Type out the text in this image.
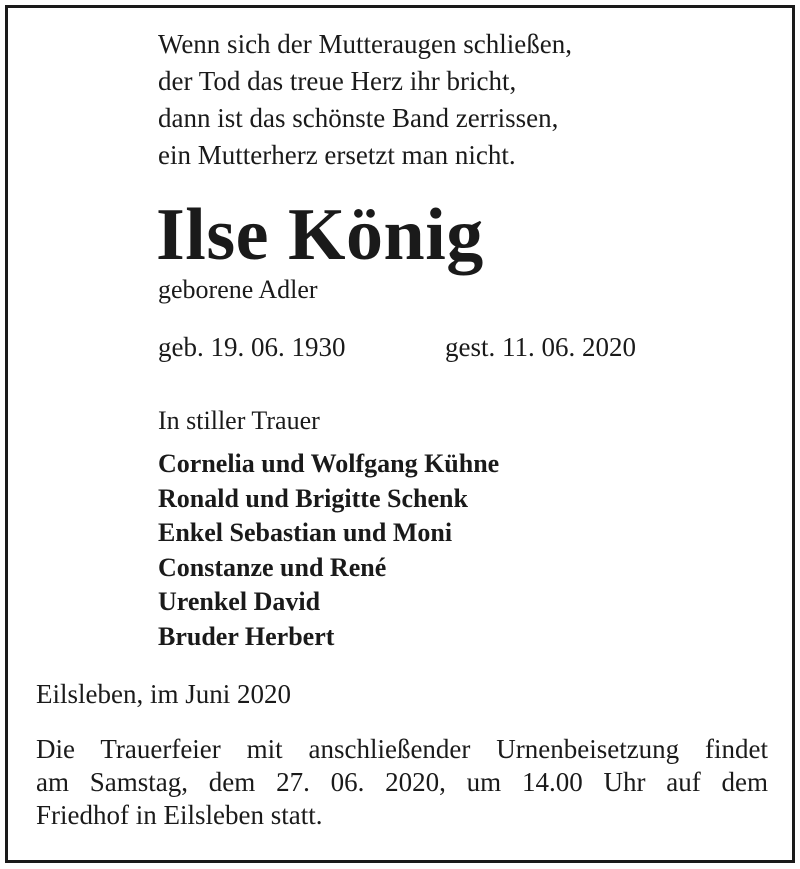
Wenn sich der Mutteraugen schließen,
der Tod das treue Herz ihr bricht,
dann ist das schönste Band zerrissen,
ein Mutterherz ersetzt man nicht.
Ilse König
geborene Adler
geb. 19. 06. 1930	gest. 11. 06. 2020
In stiller Trauer
Cornelia und Wolfgang Kühne
Ronald und Brigitte Schenk
Enkel Sebastian und Moni
Constanze und René
Urenkel David
Bruder Herbert
Eilsleben, im Juni 2020
Die Trauerfeier mit anschließender Urnenbeisetzung findet
am Samstag, dem 27. 06. 2020, um 14.00 Uhr auf dem
Friedhof in Eilsleben statt.
